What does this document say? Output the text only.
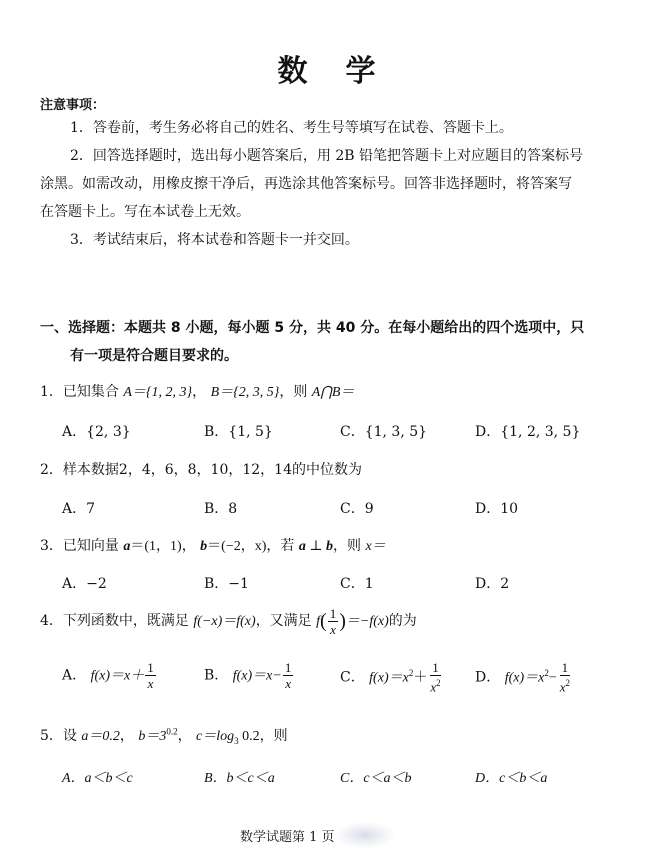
数 学
注意事项：
1．答卷前，考生务必将自己的姓名、考生号等填写在试卷、答题卡上。
2．回答选择题时，选出每小题答案后，用 2B 铅笔把答题卡上对应题目的答案标号
涂黑。如需改动，用橡皮擦干净后，再选涂其他答案标号。回答非选择题时，将答案写
在答题卡上。写在本试卷上无效。
3．考试结束后，将本试卷和答题卡一并交回。
一、选择题：本题共 8 小题，每小题 5 分，共 40 分。在每小题给出的四个选项中，只
有一项是符合题目要求的。
1．已知集合 A＝{1, 2, 3}， B＝{2, 3, 5}，则 A⋂B＝
A．{2, 3}	B．{1, 5}	C．{1, 3, 5}	D．{1, 2, 3, 5}
2．样本数据2，4，6，8，10，12，14的中位数为
A．7	B．8	C．9	D．10
3．已知向量 a＝(1，1)， b＝(−2，x)，若 a ⊥ b，则 x＝
A．−2	B．−1	C．1	D．2
4．下列函数中，既满足 f(−x)＝f(x)，又满足 $f( \frac{1}{x} )=-f(x)$的为
A． $f(x)=x+ \frac{1}{x}$	B． $f(x)=x- \frac{1}{x}$	C． $f(x)=x^2+ \frac{1}{x^2}$ D． $f(x)=x^2- \frac{1}{x^2}$
5．设 a＝0.2， $b=3^{0.2}$， $c=\log_3$ 0.2，则
A．a＜b＜c	B．b＜c＜a	C．c＜a＜b	D．c＜b＜a
数学试题第 1 页
